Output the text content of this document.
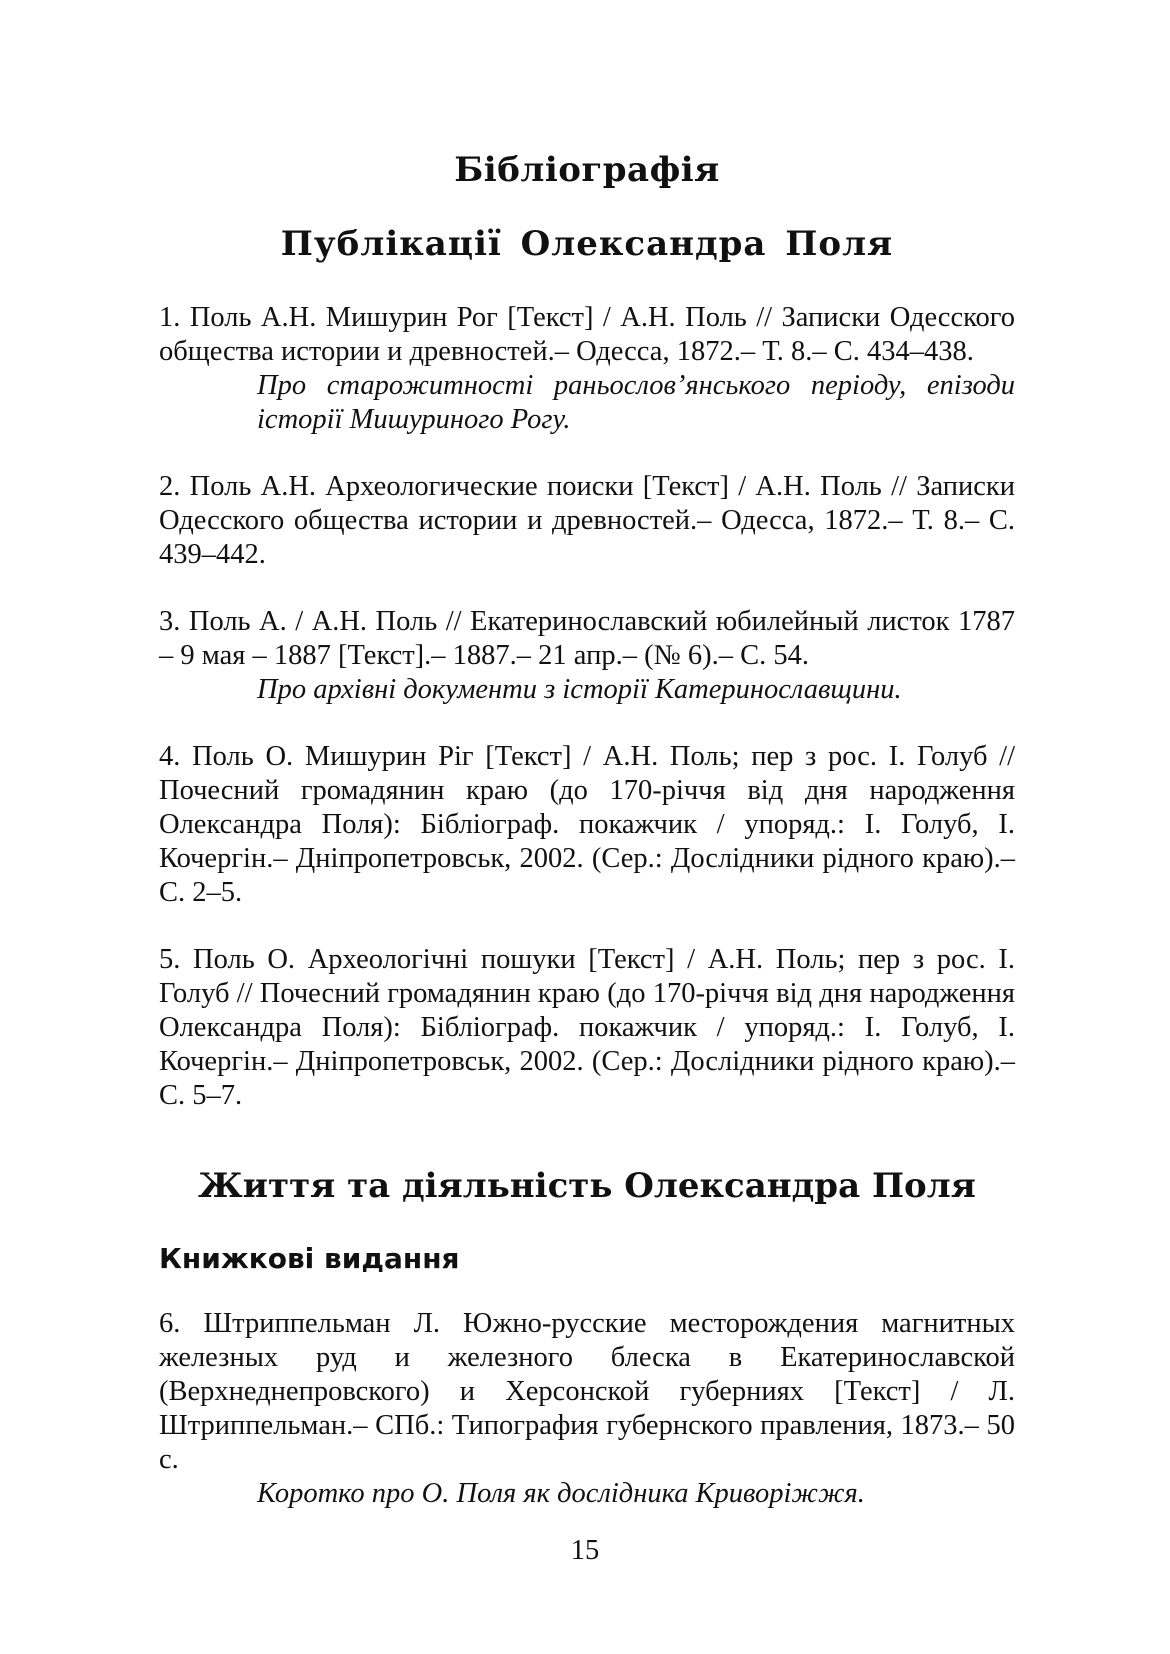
Бібліографія
Публікації Олександра Поля

1. Поль А.Н. Мишурин Рог [Текст] / А.Н. Поль // Записки Одесского общества истории и древностей.– Одесса, 1872.– Т. 8.– С. 434–438.

Про старожитності раньослов’янського періоду, епізоди історії Мишуриного Рогу.

2. Поль А.Н. Археологические поиски [Текст] / А.Н. Поль // Записки Одесского общества истории и древностей.– Одесса, 1872.– Т. 8.– С. 439–442.

3. Поль А. / А.Н. Поль // Екатеринославский юбилейный листок 1787 – 9 мая – 1887 [Текст].– 1887.– 21 апр.– (№ 6).– С. 54.

Про архівні документи з історії Катеринославщини.

4. Поль О. Мишурин Ріг [Текст] / А.Н. Поль; пер з рос. І. Голуб // Почесний громадянин краю (до 170-річчя від дня народження Олександра Поля): Бібліограф. покажчик / упоряд.: І. Голуб, І. Кочергін.– Дніпропетровськ, 2002. (Сер.: Дослідники рідного краю).– С. 2–5.

5. Поль О. Археологічні пошуки [Текст] / А.Н. Поль; пер з рос. І. Голуб // Почесний громадянин краю (до 170-річчя від дня народження Олександра Поля): Бібліограф. покажчик / упоряд.: І. Голуб, І. Кочергін.– Дніпропетровськ, 2002. (Сер.: Дослідники рідного краю).– С. 5–7.

Життя та діяльність Олександра Поля
Книжкові видання

6. Штриппельман Л. Южно-русские месторождения магнитных железных руд и железного блеска в Екатеринославской (Верхнеднепровского) и Херсонской губерниях [Текст] / Л. Штриппельман.– СПб.: Типография губернского правления, 1873.– 50 с.

Коротко про О. Поля як дослідника Криворіжжя.

15
